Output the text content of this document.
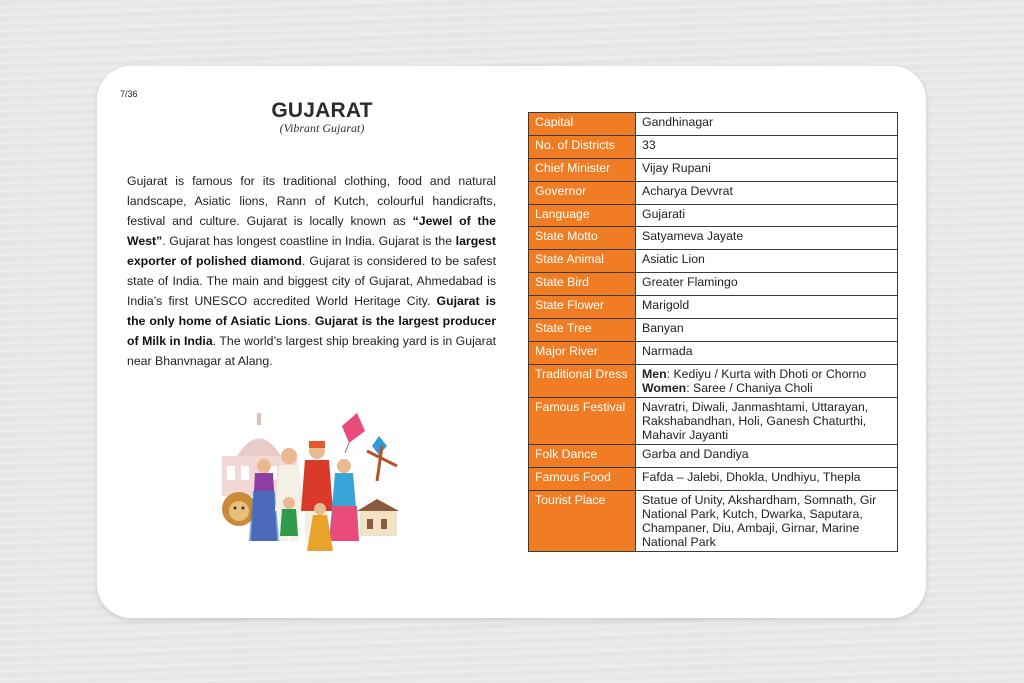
7/36
GUJARAT
(Vibrant Gujarat)
Gujarat is famous for its traditional clothing, food and natural landscape, Asiatic lions, Rann of Kutch, colourful handicrafts, festival and culture. Gujarat is locally known as “Jewel of the West”. Gujarat has longest coastline in India. Gujarat is the largest exporter of polished diamond. Gujarat is considered to be safest state of India. The main and biggest city of Gujarat, Ahmedabad is India’s first UNESCO accredited World Heritage City. Gujarat is the only home of Asiatic Lions. Gujarat is the largest producer of Milk in India. The world’s largest ship breaking yard is in Gujarat near Bhanvnagar at Alang.
Capital	Gandhinagar
No. of Districts	33
Chief Minister	Vijay Rupani
Governor	Acharya Devvrat
Language	Gujarati
State Motto	Satyameva Jayate
State Animal	Asiatic Lion
State Bird	Greater Flamingo
State Flower	Marigold
State Tree	Banyan
Major River	Narmada
Traditional Dress	Men: Kediyu / Kurta with Dhoti or Chorno
Women: Saree / Chaniya Choli
Famous Festival	Navratri, Diwali, Janmashtami, Uttarayan, Rakshabandhan, Holi, Ganesh Chaturthi, Mahavir Jayanti
Folk Dance	Garba and Dandiya
Famous Food	Fafda – Jalebi, Dhokla, Undhiyu, Thepla
Tourist Place	Statue of Unity, Akshardham, Somnath, Gir National Park, Kutch, Dwarka, Saputara, Champaner, Diu, Ambaji, Girnar, Marine National Park
